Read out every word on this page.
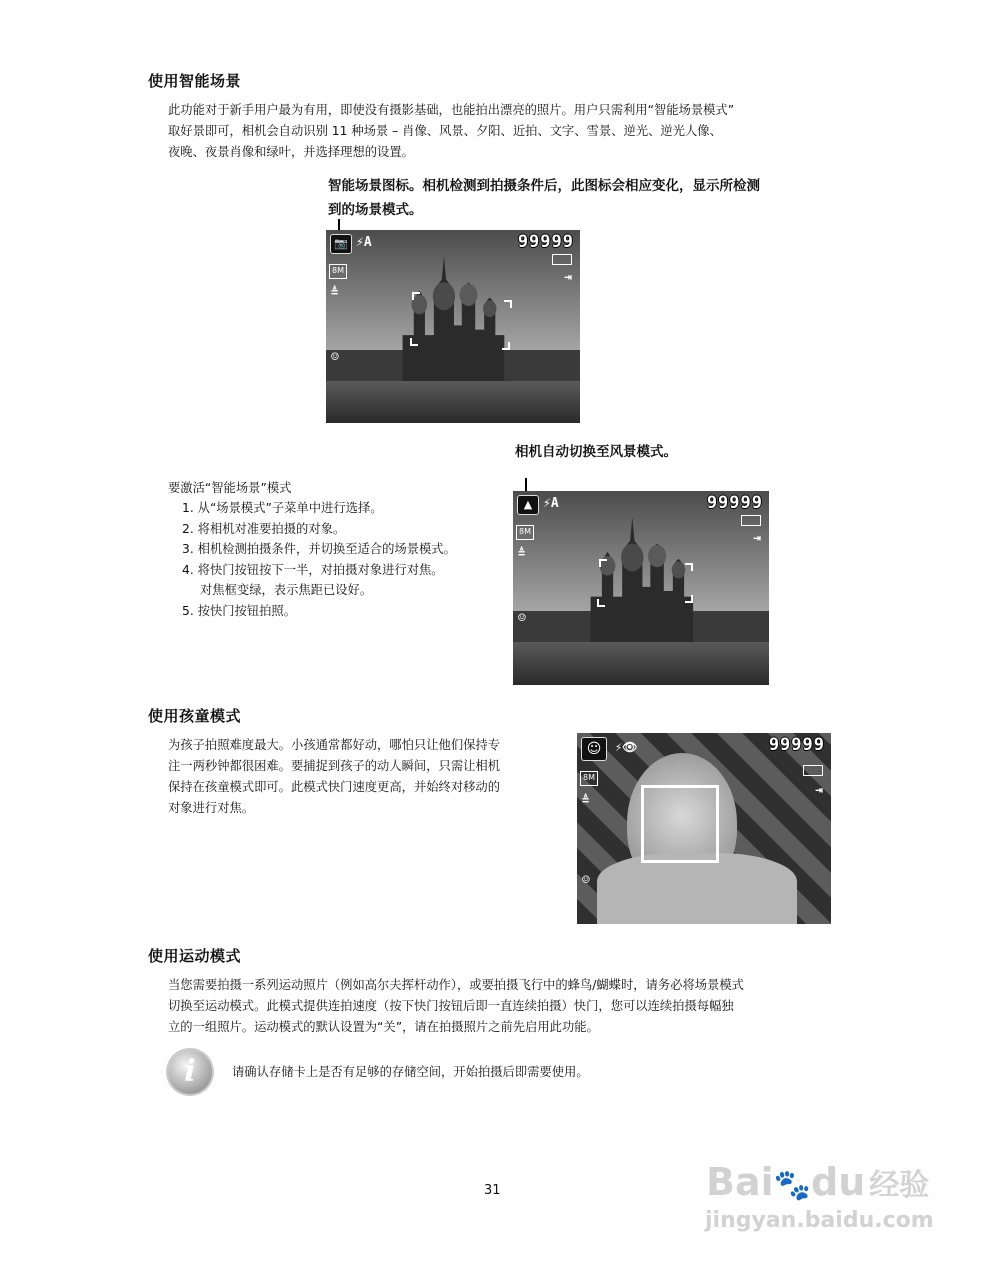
使用智能场景
此功能对于新手用户最为有用，即使没有摄影基础，也能拍出漂亮的照片。用户只需利用“智能场景模式”
取好景即可，相机会自动识别 11 种场景 – 肖像、风景、夕阳、近拍、文字、雪景、逆光、逆光人像、
夜晚、夜景肖像和绿叶，并选择理想的设置。
智能场景图标。相机检测到拍摄条件后，此图标会相应变化，显示所检测
到的场景模式。
📷 ⚡A	99999
8M	⇥
≜
☺
相机自动切换至风景模式。
要激活“智能场景”模式
1. 从“场景模式”子菜单中进行选择。
2. 将相机对准要拍摄的对象。
3. 相机检测拍摄条件，并切换至适合的场景模式。
4. 将快门按钮按下一半，对拍摄对象进行对焦。
对焦框变绿，表示焦距已设好。
5. 按快门按钮拍照。
▲ ⚡A	99999
8M	⇥
≜
☺
使用孩童模式
为孩子拍照难度最大。小孩通常都好动，哪怕只让他们保持专
注一两秒钟都很困难。要捕捉到孩子的动人瞬间，只需让相机
保持在孩童模式即可。此模式快门速度更高，并始终对移动的
对象进行对焦。
☺	⚡👁	99999
8M
⇥
≜
☺
使用运动模式
当您需要拍摄一系列运动照片（例如高尔夫挥杆动作），或要拍摄飞行中的蜂鸟/蝴蝶时，请务必将场景模式
切换至运动模式。此模式提供连拍速度（按下快门按钮后即一直连续拍摄）快门，您可以连续拍摄每幅独
立的一组照片。运动模式的默认设置为“关”，请在拍摄照片之前先启用此功能。
i	请确认存储卡上是否有足够的存储空间，开始拍摄后即需要使用。
31	Bai🐾du 经验
jingyan.baidu.com
